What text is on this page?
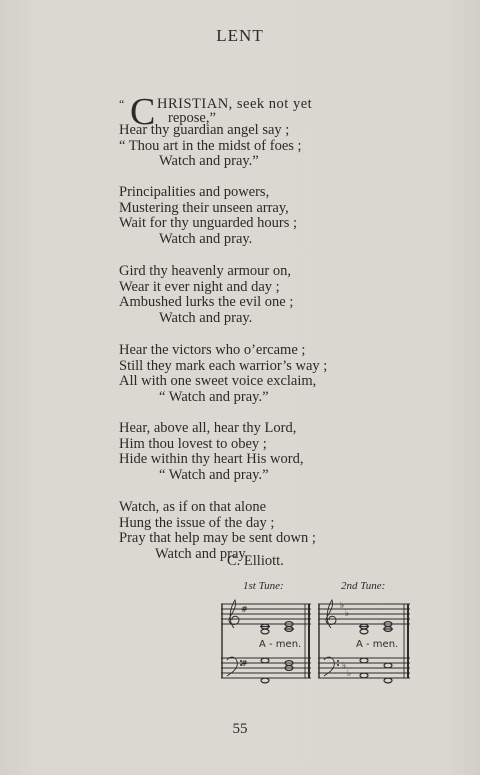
LENT
“ C HRISTIAN, seek not yet
repose,”
Hear thy guardian angel say ;
“ Thou art in the midst of foes ;
Watch and pray.”
Principalities and powers,
Mustering their unseen array,
Wait for thy unguarded hours ;
Watch and pray.
Gird thy heavenly armour on,
Wear it ever night and day ;
Ambushed lurks the evil one ;
Watch and pray.
Hear the victors who o’ercame ;
Still they mark each warrior’s way ;
All with one sweet voice exclaim,
“ Watch and pray.”
Hear, above all, hear thy Lord,
Him thou lovest to obey ;
Hide within thy heart His word,
“ Watch and pray.”
Watch, as if on that alone
Hung the issue of the day ;
Pray that help may be sent down ;
Watch and pray.
C. Elliott.
1st Tune:	2nd Tune:
#
#
A - men.
♭
♭
♭
♭
A - men.
55
